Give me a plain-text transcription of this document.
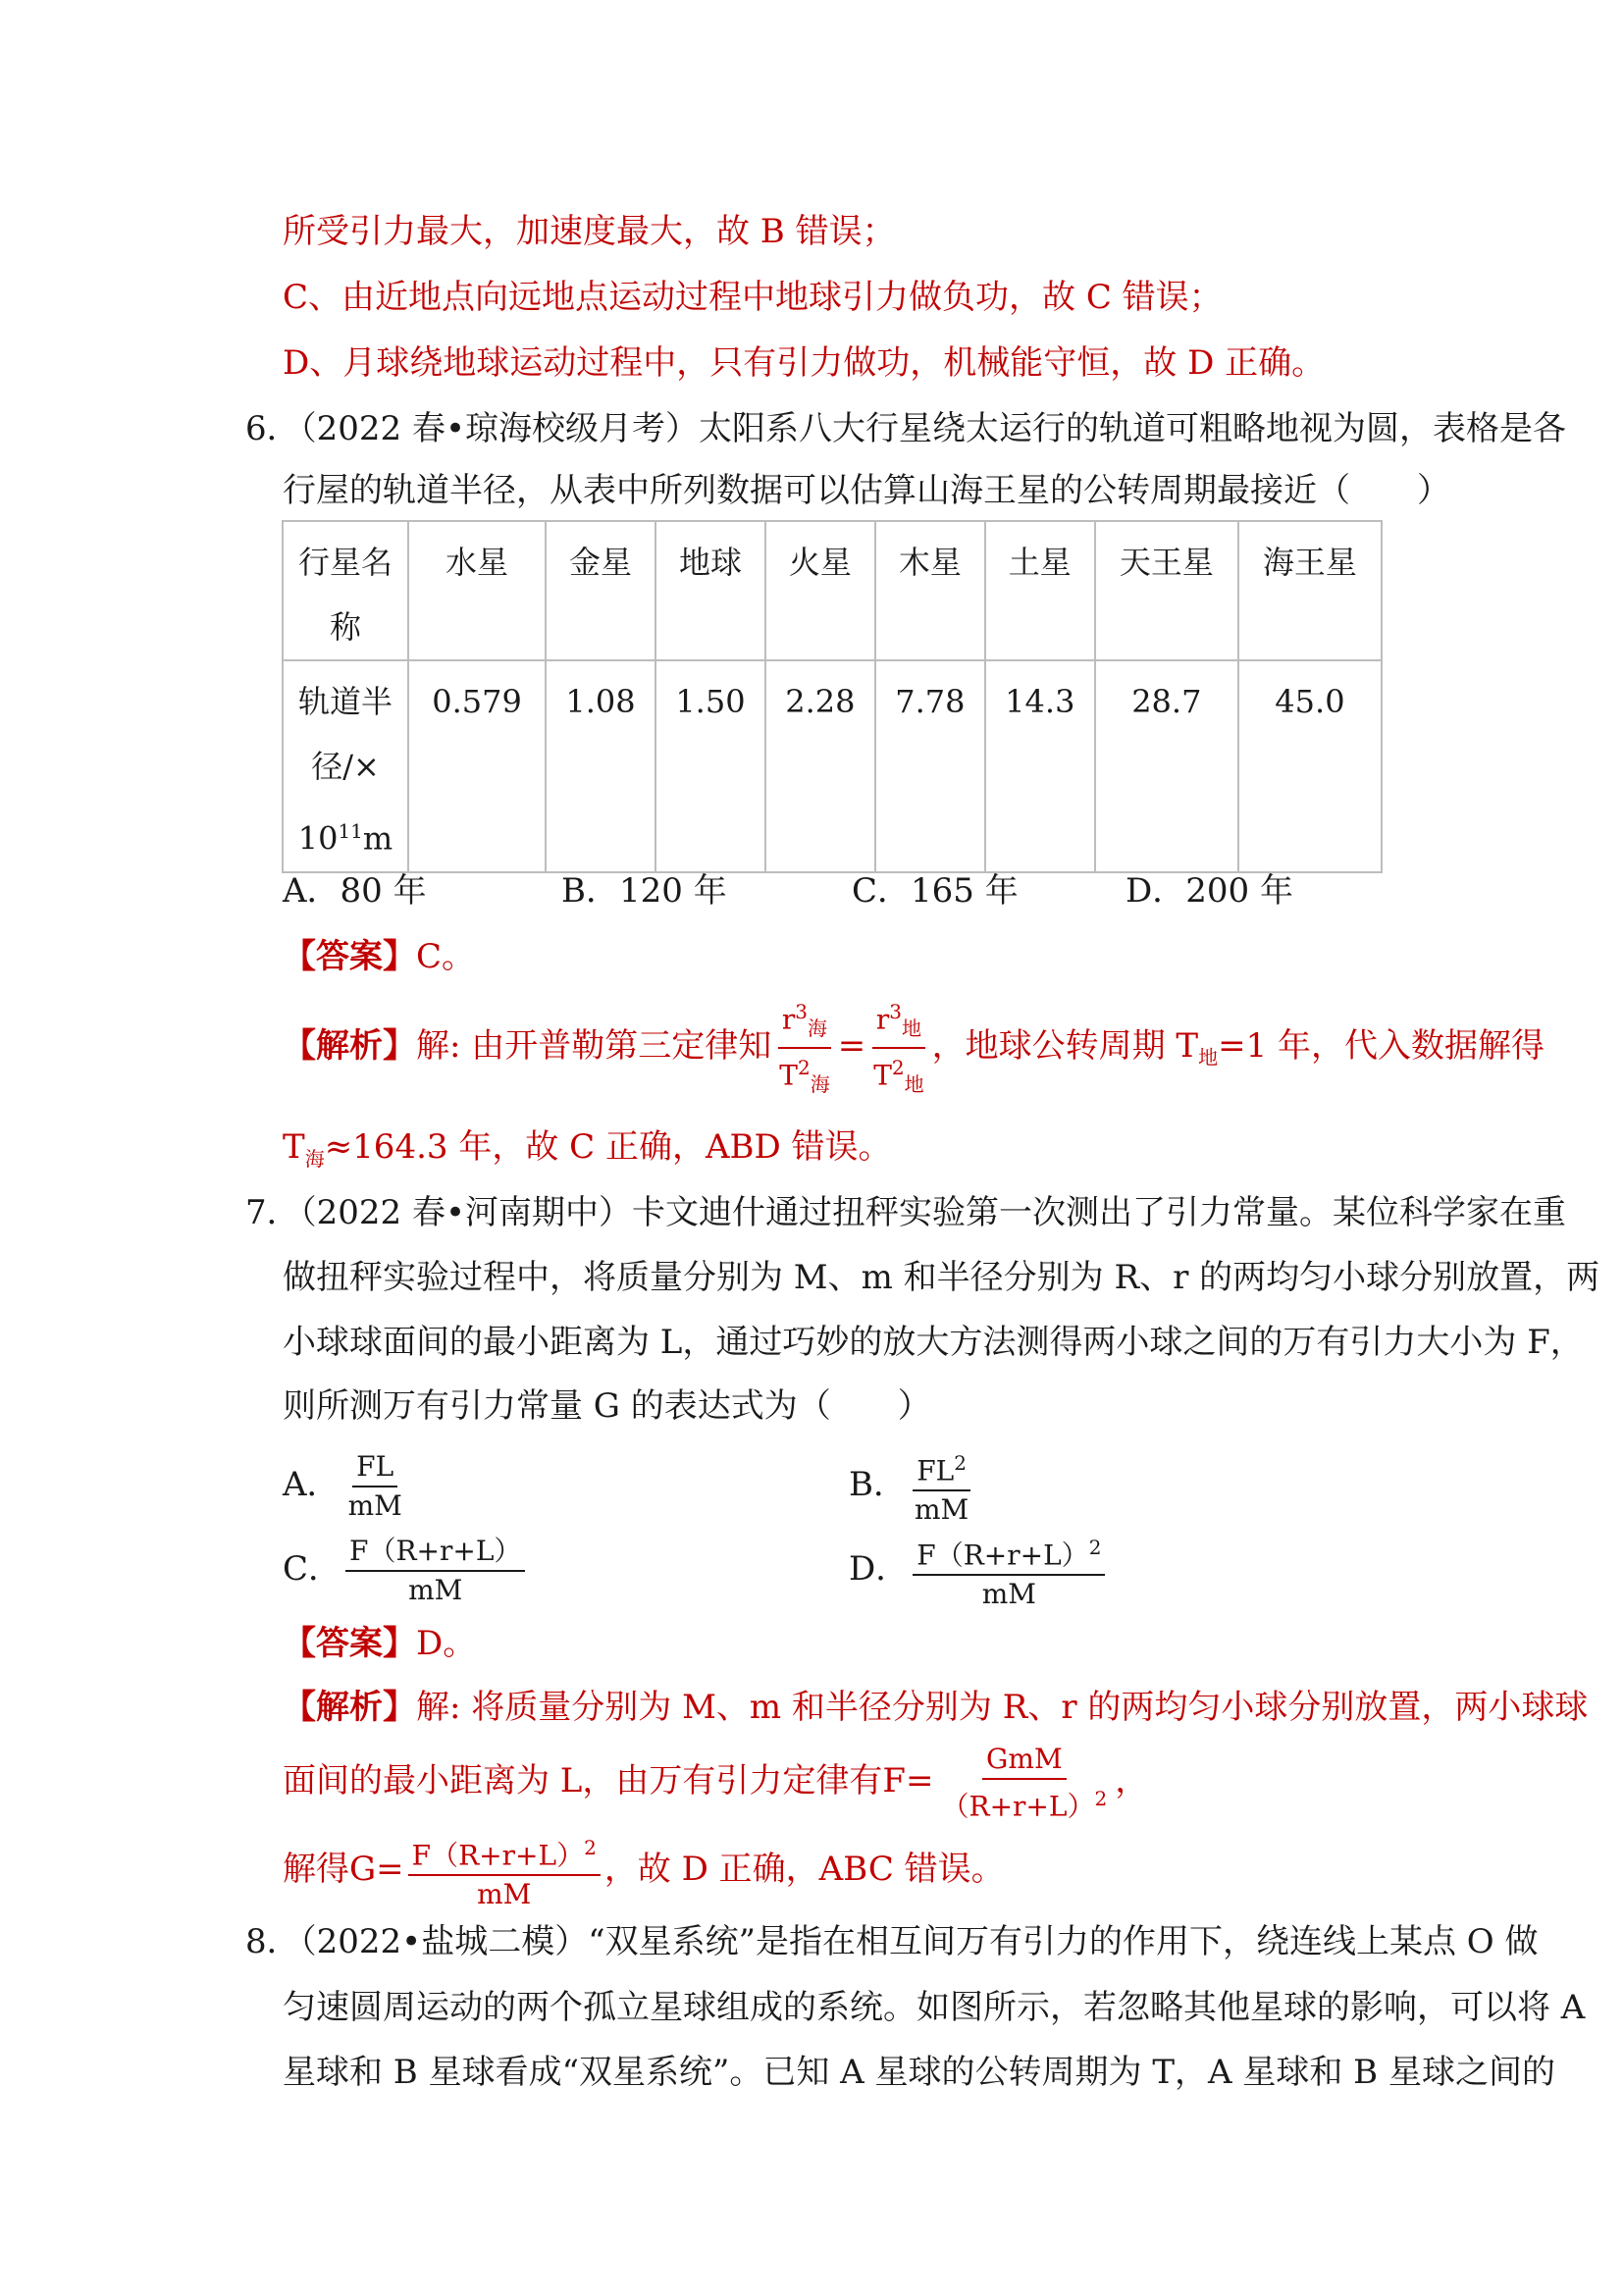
所受引力最大，加速度最大，故 B 错误；
C、由近地点向远地点运动过程中地球引力做负功，故 C 错误；
D、月球绕地球运动过程中，只有引力做功，机械能守恒，故 D 正确。
6．（2022 春•琼海校级月考）太阳系八大行星绕太运行的轨道可粗略地视为圆，表格是各
行屋的轨道半径，从表中所列数据可以估算山海王星的公转周期最接近（　　）
行星名
称	水星	金星	地球	火星	木星	土星	天王星	海王星

轨道半
径/×
$10^{11}m$	0.579	1.08	1.50	2.28	7.78	14.3	28.7	45.0
A．80 年	B．120 年	C．165 年	D．200 年
【答案】C。
【解析】解: 由开普勒第三定律知 $\frac{r^3_海}{T^2_海} = \frac{r^3_地}{T^2_地}$ ，地球公转周期 $T_地=1$ 年，代入数据解得
$T_海\approx 164.3$ 年，故 C 正确，ABD 错误。
7．（2022 春•河南期中）卡文迪什通过扭秤实验第一次测出了引力常量。某位科学家在重
做扭秤实验过程中，将质量分别为 M、m 和半径分别为 R、r 的两均匀小球分别放置，两
小球球面间的最小距离为 L，通过巧妙的放大方法测得两小球之间的万有引力大小为 F，
则所测万有引力常量 G 的表达式为（　　）
A． $\frac{FL}{mM}$	B． $\frac{FL^2}{mM}$
C． $\frac{F(R+r+L)}{mM}$	D． $\frac{F(R+r+L)^2}{mM}$
【答案】D。
【解析】解: 将质量分别为 M、m 和半径分别为 R、r 的两均匀小球分别放置，两小球球
面间的最小距离为 L，由万有引力定律有$F= \frac{\text{GmM}}{(R+r+L)^2}$ ，
解得$G= \frac{F(R+r+L)^2}{mM}$ ，故 D 正确，ABC 错误。
8．（2022•盐城二模）“双星系统”是指在相互间万有引力的作用下，绕连线上某点 O 做
匀速圆周运动的两个孤立星球组成的系统。如图所示，若忽略其他星球的影响，可以将 A
星球和 B 星球看成“双星系统”。已知 A 星球的公转周期为 T，A 星球和 B 星球之间的
